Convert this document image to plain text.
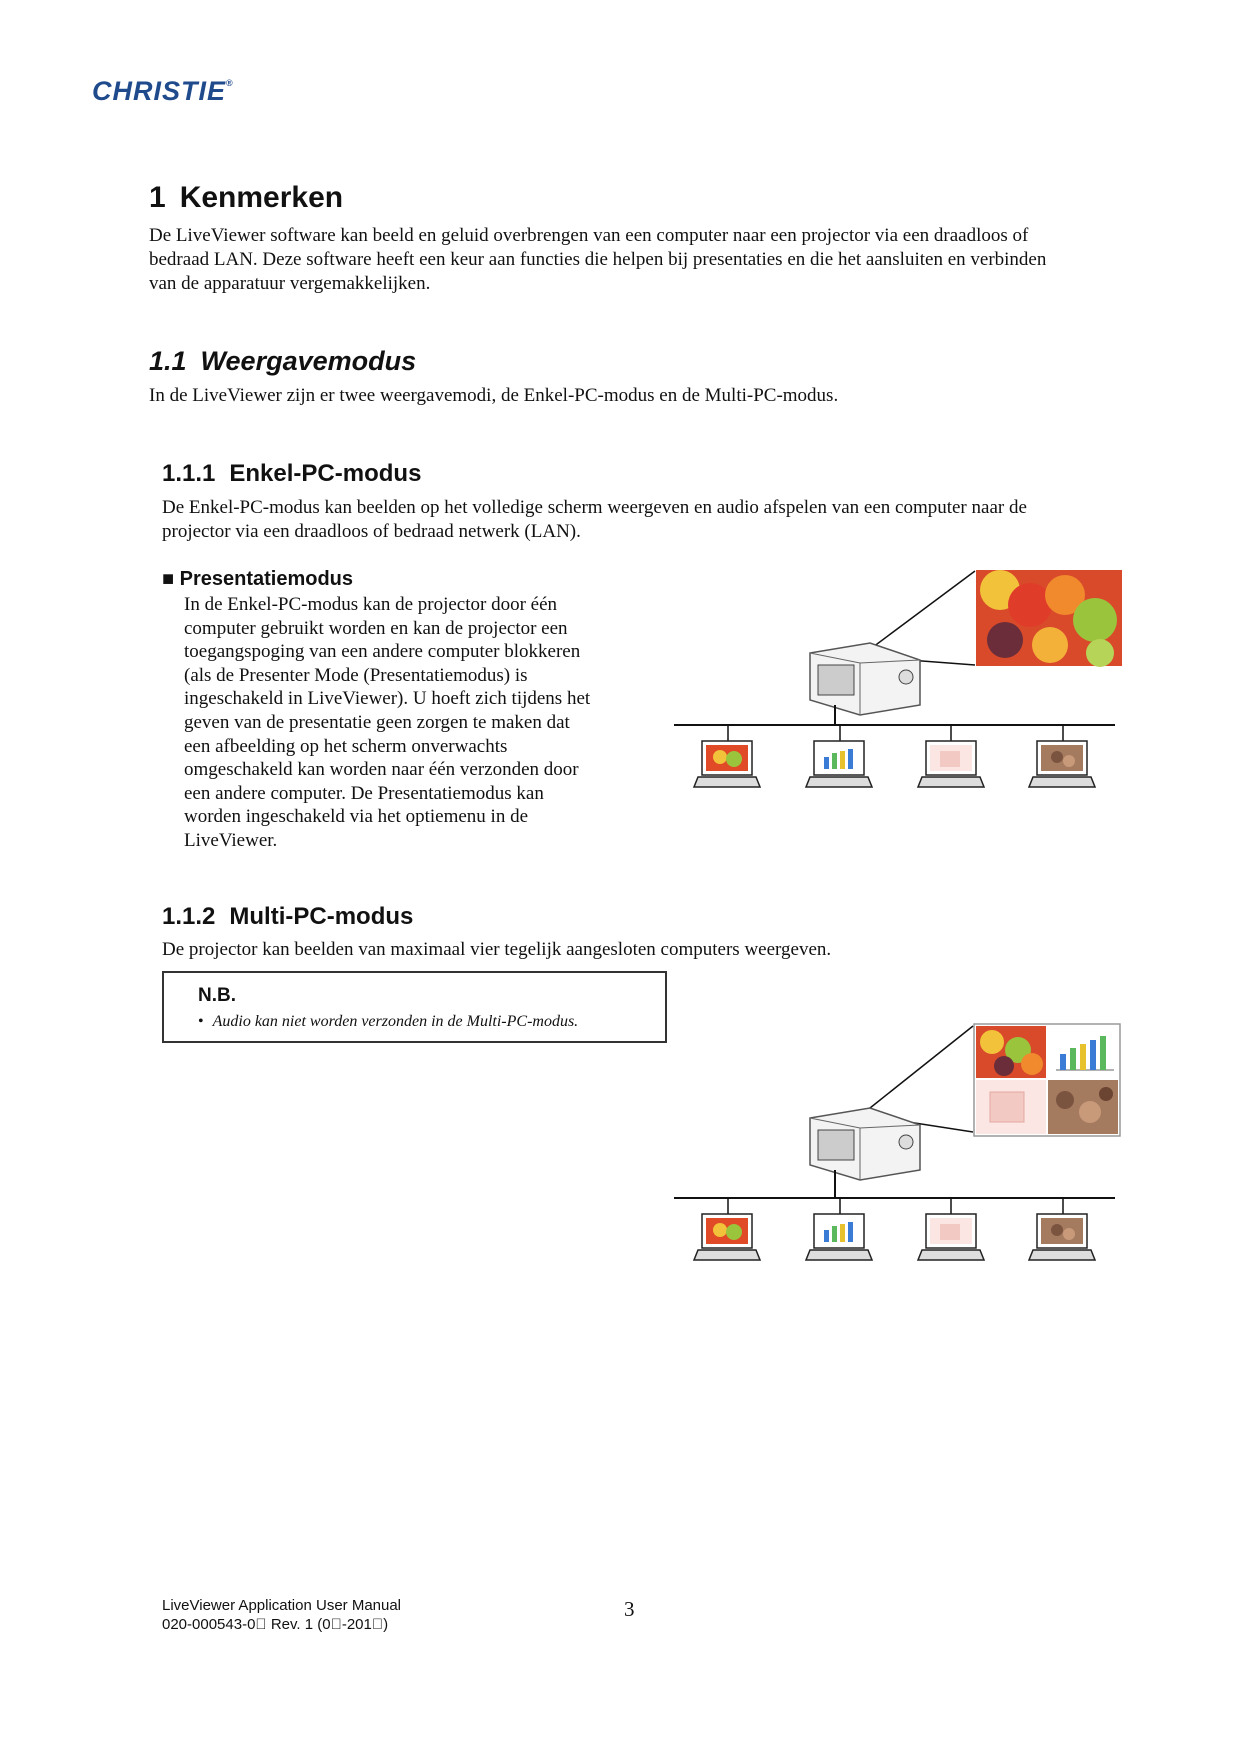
CHRISTIE®
1 Kenmerken

De LiveViewer software kan beeld en geluid overbrengen van een computer naar een projector via een draadloos of
bedraad LAN. Deze software heeft een keur aan functies die helpen bij presentaties en die het aansluiten en verbinden
van de apparatuur vergemakkelijken.

1.1 Weergavemodus

In de LiveViewer zijn er twee weergavemodi, de Enkel-PC-modus en de Multi-PC-modus.

1.1.1 Enkel-PC-modus

De Enkel-PC-modus kan beelden op het volledige scherm weergeven en audio afspelen van een computer naar de
projector via een draadloos of bedraad netwerk (LAN).

■ Presentatiemodus

In de Enkel-PC-modus kan de projector door één
computer gebruikt worden en kan de projector een
toegangspoging van een andere computer blokkeren
(als de Presenter Mode (Presentatiemodus) is
ingeschakeld in LiveViewer). U hoeft zich tijdens het
geven van de presentatie geen zorgen te maken dat
een afbeelding op het scherm onverwachts
omgeschakeld kan worden naar één verzonden door
een andere computer. De Presentatiemodus kan
worden ingeschakeld via het optiemenu in de
LiveViewer.

1.1.2 Multi-PC-modus

De projector kan beelden van maximaal vier tegelijk aangesloten computers weergeven.

N.B.
• Audio kan niet worden verzonden in de Multi-PC-modus.
LiveViewer Application User Manual
020-000543-0  Rev. 1 (0 -201 )
3
